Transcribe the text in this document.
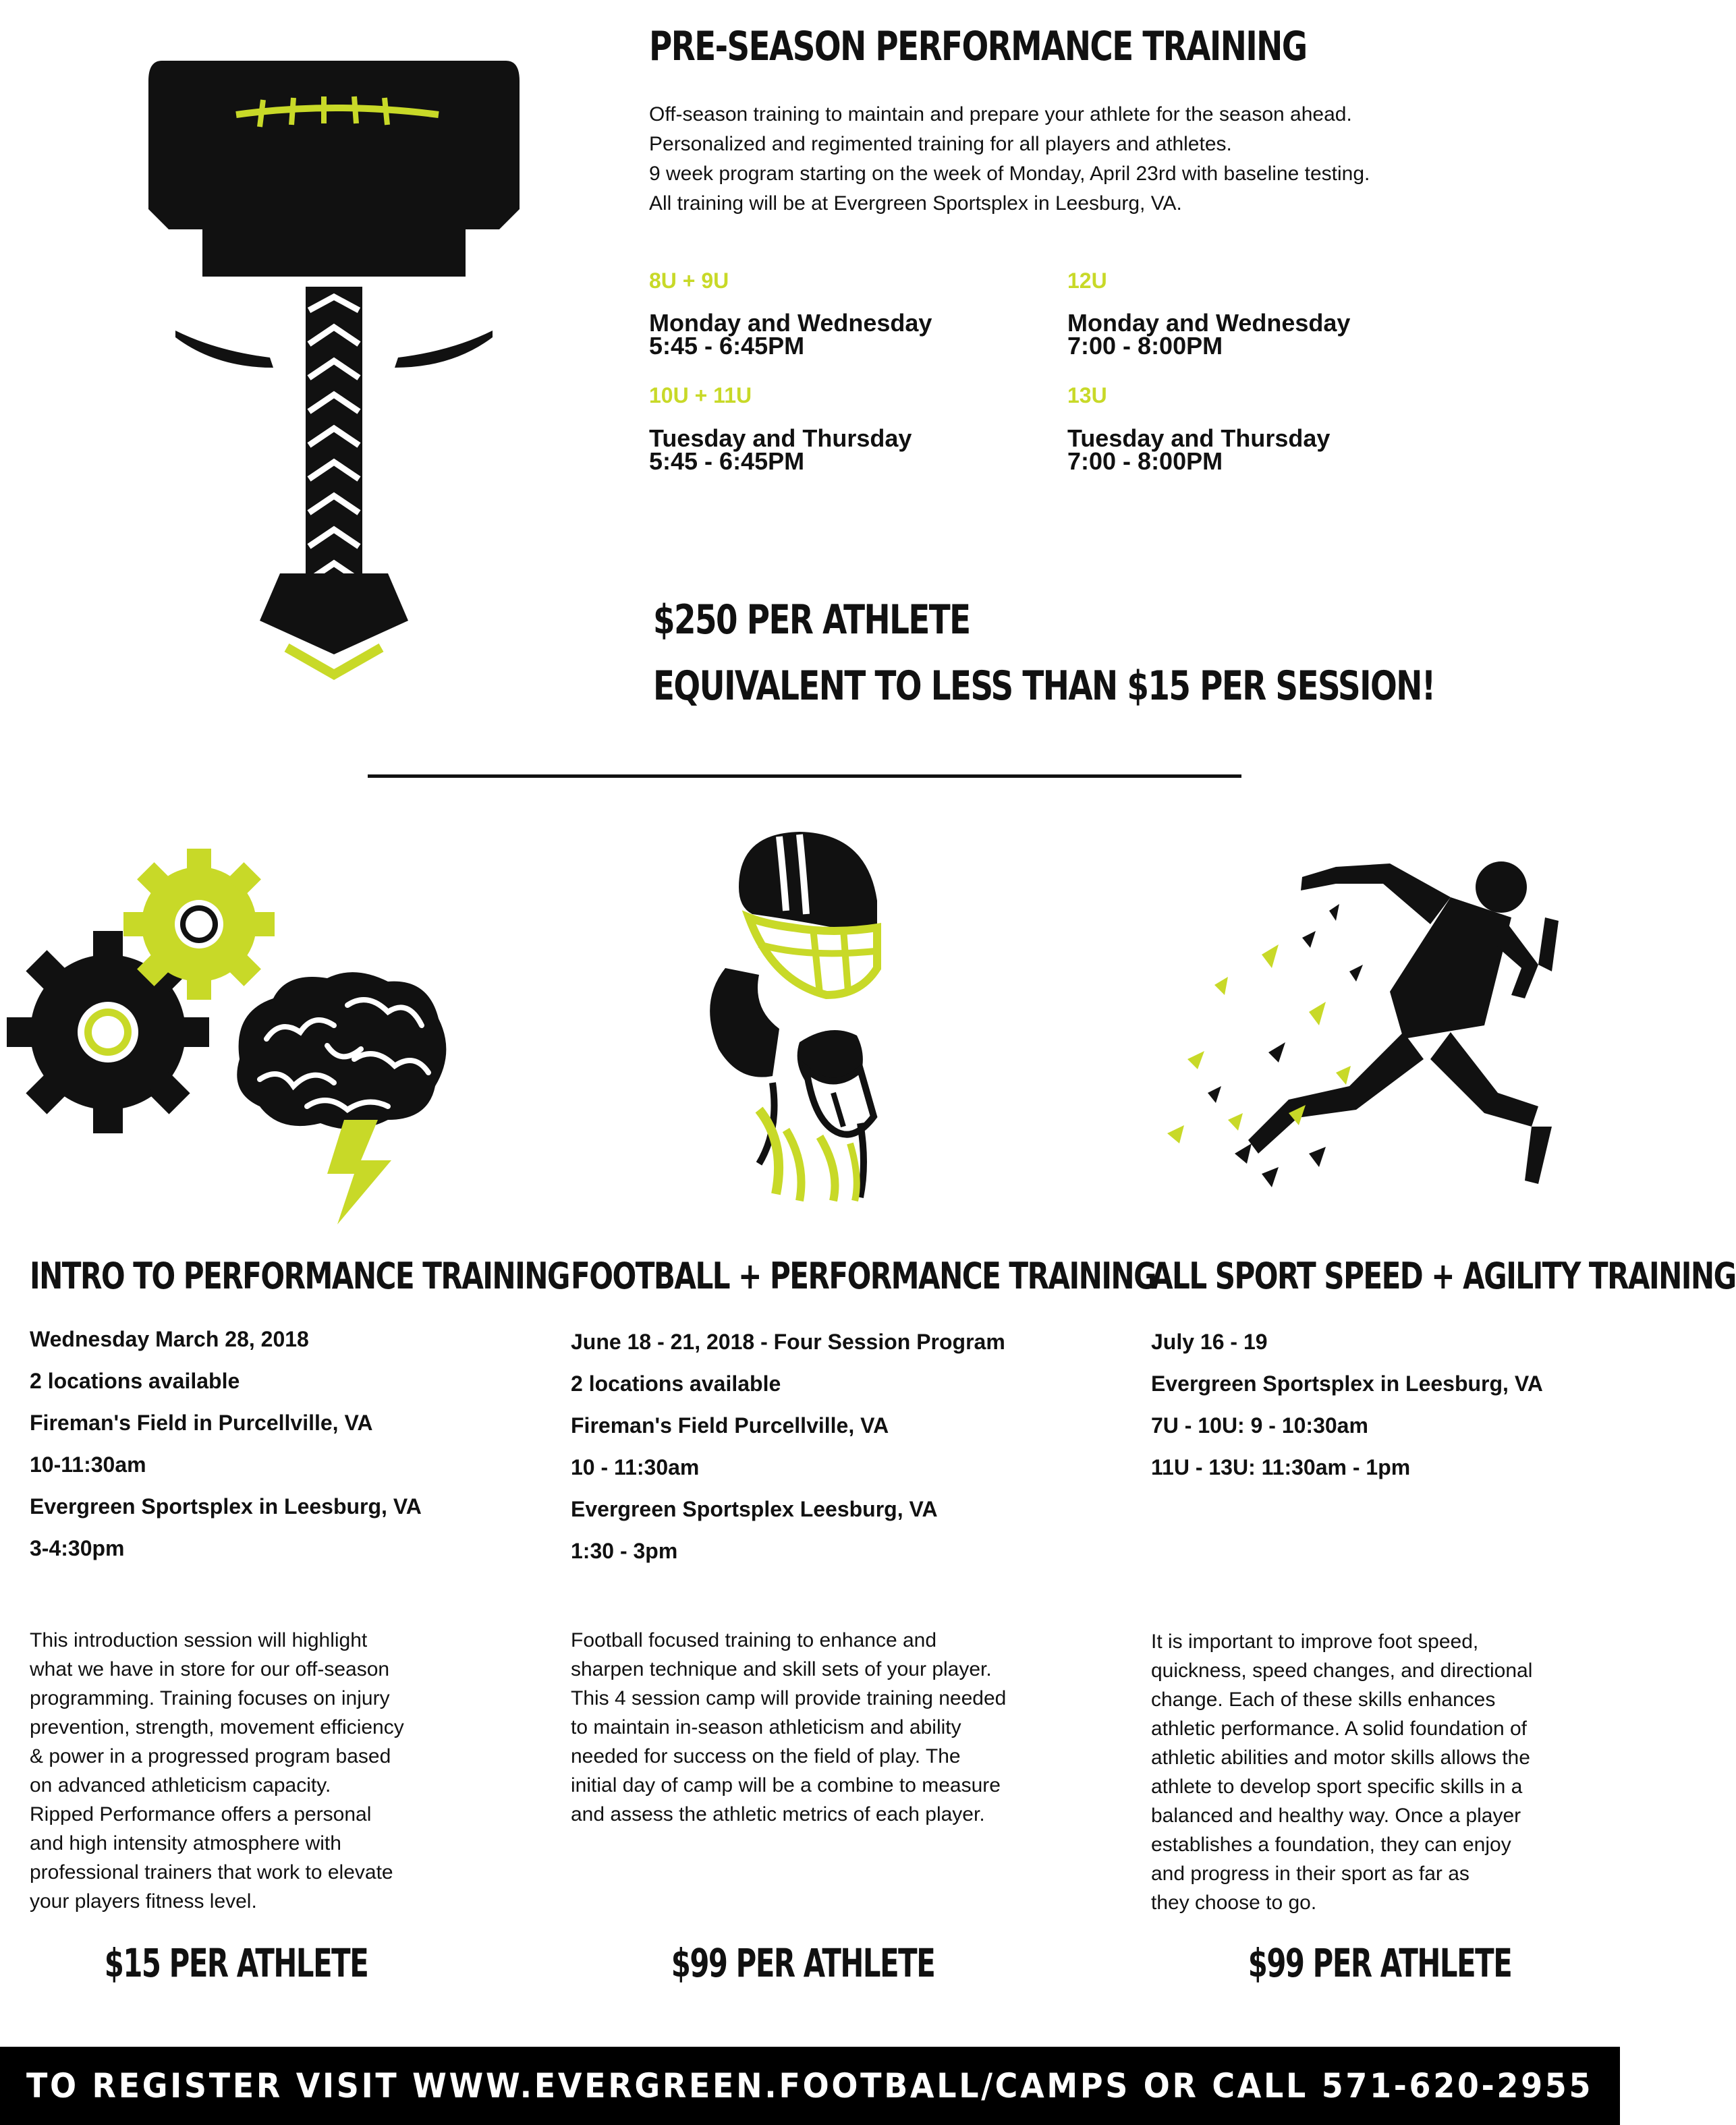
PRE-SEASON PERFORMANCE TRAINING

Off-season training to maintain and prepare your athlete for the season ahead.

Personalized and regimented training for all players and athletes.

9 week program starting on the week of Monday, April 23rd with baseline testing.

All training will be at Evergreen Sportsplex in Leesburg, VA.

8U + 9U
Monday and Wednesday
5:45 - 6:45PM
12U
Monday and Wednesday
7:00 - 8:00PM
10U + 11U
Tuesday and Thursday
5:45 - 6:45PM
13U
Tuesday and Thursday
7:00 - 8:00PM
$250 PER ATHLETE
EQUIVALENT TO LESS THAN $15 PER SESSION!
INTRO TO PERFORMANCE TRAINING
Wednesday March 28, 2018
2 locations available
Fireman's Field in Purcellville, VA
10-11:30am
Evergreen Sportsplex in Leesburg, VA
3-4:30pm
This introduction session will highlight
what we have in store for our off-season
programming. Training focuses on injury
prevention, strength, movement efficiency
& power in a progressed program based
on advanced athleticism capacity.
Ripped Performance offers a personal
and high intensity atmosphere with
professional trainers that work to elevate
your players fitness level.
$15 PER ATHLETE
FOOTBALL + PERFORMANCE TRAINING
June 18 - 21, 2018 - Four Session Program
2 locations available
Fireman's Field Purcellville, VA
10 - 11:30am
Evergreen Sportsplex Leesburg, VA
1:30 - 3pm
Football focused training to enhance and
sharpen technique and skill sets of your player.
This 4 session camp will provide training needed
to maintain in-season athleticism and ability
needed for success on the field of play. The
initial day of camp will be a combine to measure
and assess the athletic metrics of each player.
$99 PER ATHLETE
ALL SPORT SPEED + AGILITY TRAINING
July 16 - 19
Evergreen Sportsplex in Leesburg, VA
7U - 10U: 9 - 10:30am
11U - 13U: 11:30am - 1pm
It is important to improve foot speed,
quickness, speed changes, and directional
change. Each of these skills enhances
athletic performance. A solid foundation of
athletic abilities and motor skills allows the
athlete to develop sport specific skills in a
balanced and healthy way. Once a player
establishes a foundation, they can enjoy
and progress in their sport as far as
they choose to go.
$99 PER ATHLETE
TO REGISTER VISIT WWW.EVERGREEN.FOOTBALL/CAMPS OR CALL 571-620-2955
